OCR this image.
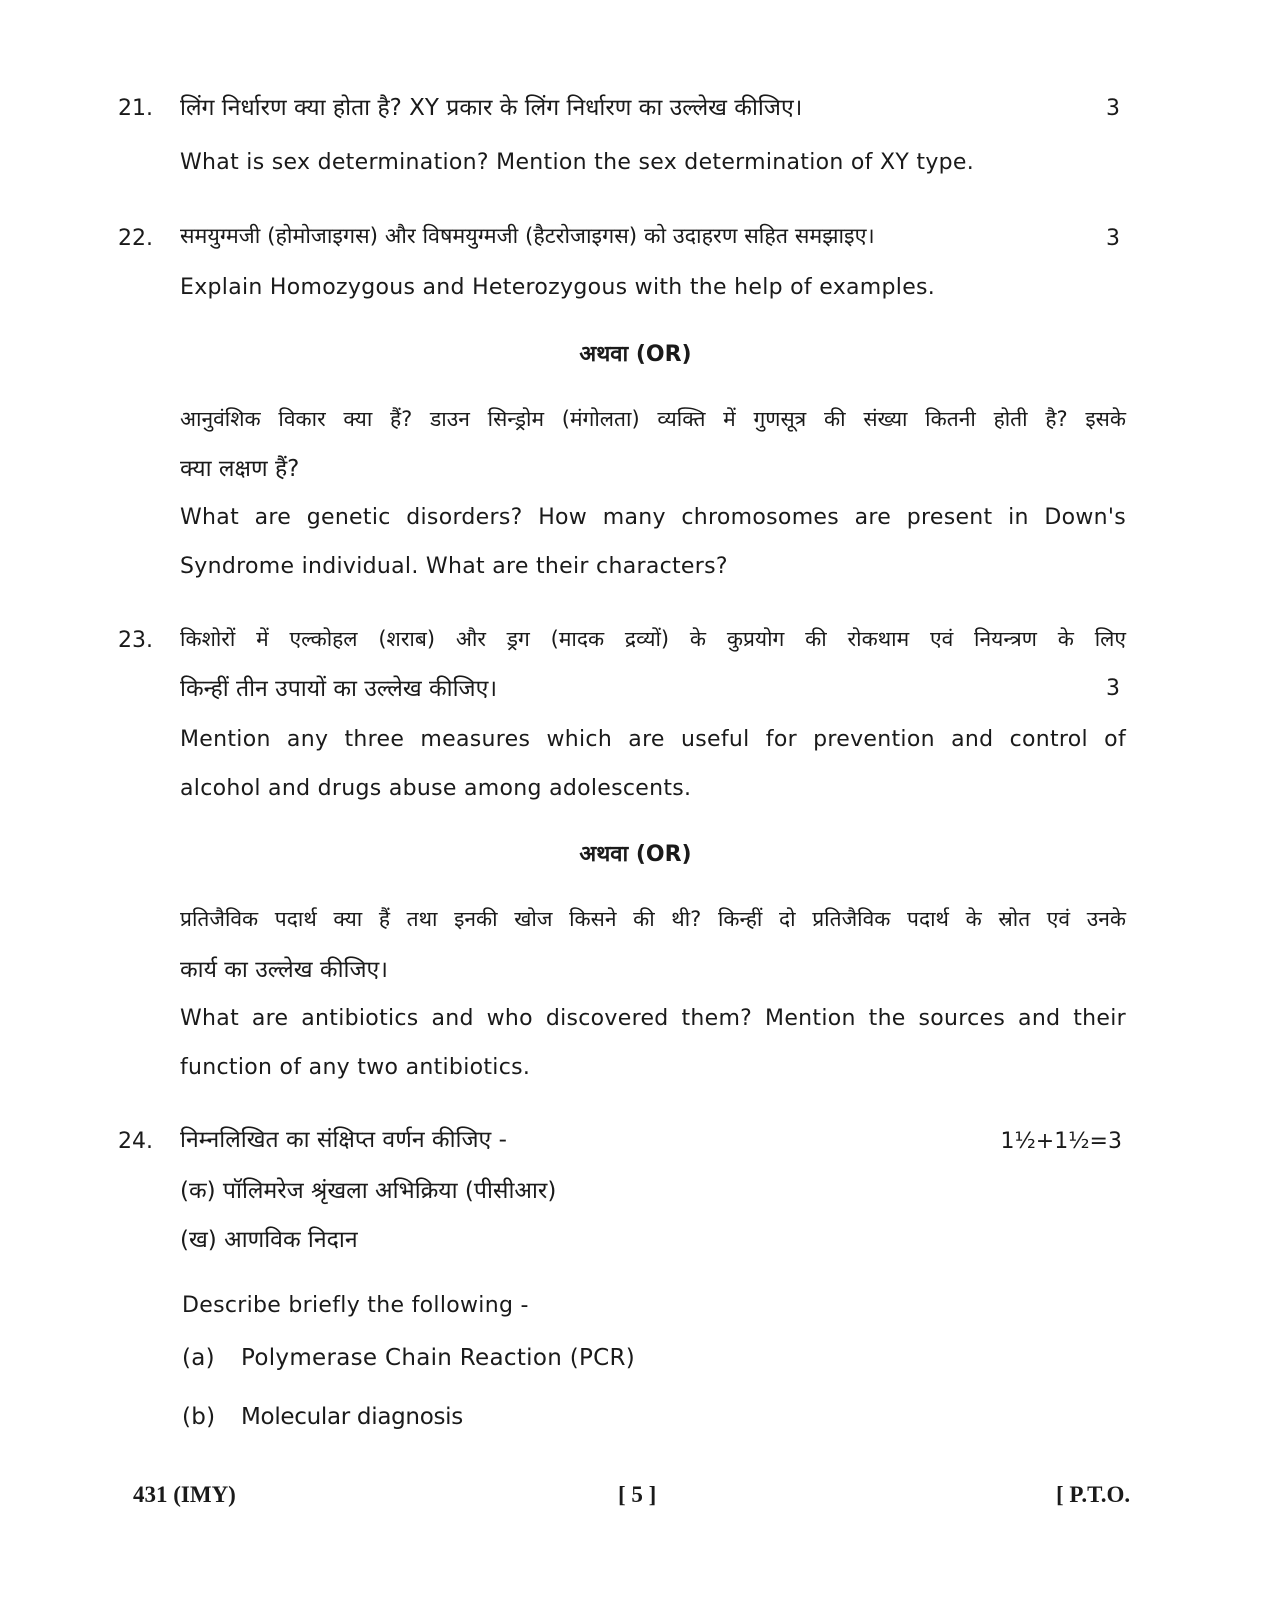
21. लिंग निर्धारण क्या होता है? XY प्रकार के लिंग निर्धारण का उल्लेख कीजिए।	3
What is sex determination? Mention the sex determination of XY type.
22. समयुग्मजी (होमोजाइगस) और विषमयुग्मजी (हैटरोजाइगस) को उदाहरण सहित समझाइए।	3
Explain Homozygous and Heterozygous with the help of examples.
अथवा (OR)
आनुवंशिक विकार क्या हैं? डाउन सिन्ड्रोम (मंगोलता) व्यक्ति में गुणसूत्र की संख्या कितनी होती है? इसके
क्या लक्षण हैं?
What are genetic disorders? How many chromosomes are present in Down's
Syndrome individual. What are their characters?
23. किशोरों में एल्कोहल (शराब) और ड्रग (मादक द्रव्यों) के कुप्रयोग की रोकथाम एवं नियन्त्रण के लिए
किन्हीं तीन उपायों का उल्लेख कीजिए।	3
Mention any three measures which are useful for prevention and control of
alcohol and drugs abuse among adolescents.
अथवा (OR)
प्रतिजैविक पदार्थ क्या हैं तथा इनकी खोज किसने की थी? किन्हीं दो प्रतिजैविक पदार्थ के स्रोत एवं उनके
कार्य का उल्लेख कीजिए।
What are antibiotics and who discovered them? Mention the sources and their
function of any two antibiotics.
24. निम्नलिखित का संक्षिप्त वर्णन कीजिए -	1½+1½=3
(क) पॉलिमरेज श्रृंखला अभिक्रिया (पीसीआर)
(ख) आणविक निदान
Describe briefly the following -
(a) Polymerase Chain Reaction (PCR)
(b) Molecular diagnosis
431 (IMY)	[ 5 ]	[ P.T.O.
